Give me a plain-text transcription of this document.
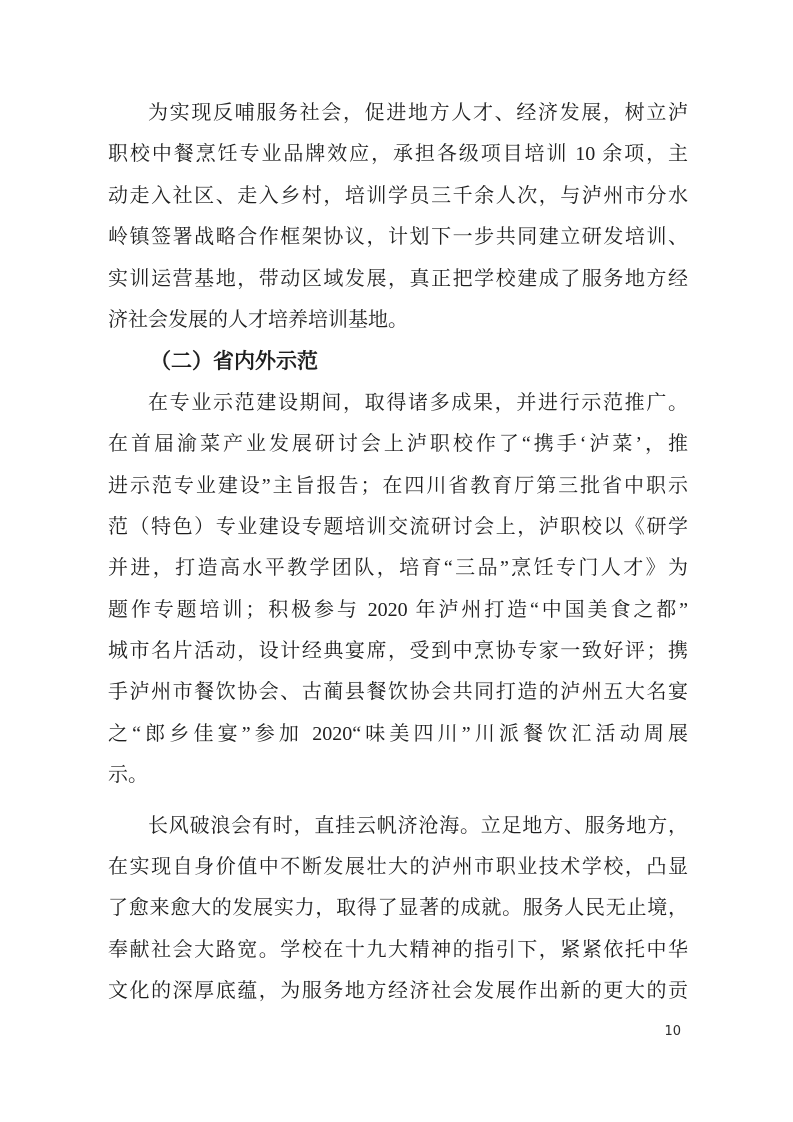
为实现反哺服务社会，促进地方人才、经济发展，树立泸
职校中餐烹饪专业品牌效应，承担各级项目培训 10 余项，主
动走入社区、走入乡村，培训学员三千余人次，与泸州市分水
岭镇签署战略合作框架协议，计划下一步共同建立研发培训、
实训运营基地，带动区域发展，真正把学校建成了服务地方经
济社会发展的人才培养培训基地。
（二）省内外示范
在专业示范建设期间，取得诸多成果，并进行示范推广。
在首届渝菜产业发展研讨会上泸职校作了“携手‘泸菜’，推
进示范专业建设”主旨报告；在四川省教育厅第三批省中职示
范（特色）专业建设专题培训交流研讨会上，泸职校以《研学
并进，打造高水平教学团队，培育“三品”烹饪专门人才》为
题作专题培训；积极参与 2020 年泸州打造“中国美食之都”
城市名片活动，设计经典宴席，受到中烹协专家一致好评；携
手泸州市餐饮协会、古蔺县餐饮协会共同打造的泸州五大名宴
之“郎乡佳宴”参加 2020“味美四川”川派餐饮汇活动周展
示。
长风破浪会有时，直挂云帆济沧海。立足地方、服务地方，
在实现自身价值中不断发展壮大的泸州市职业技术学校，凸显
了愈来愈大的发展实力，取得了显著的成就。服务人民无止境，
奉献社会大路宽。学校在十九大精神的指引下，紧紧依托中华
文化的深厚底蕴，为服务地方经济社会发展作出新的更大的贡
10
